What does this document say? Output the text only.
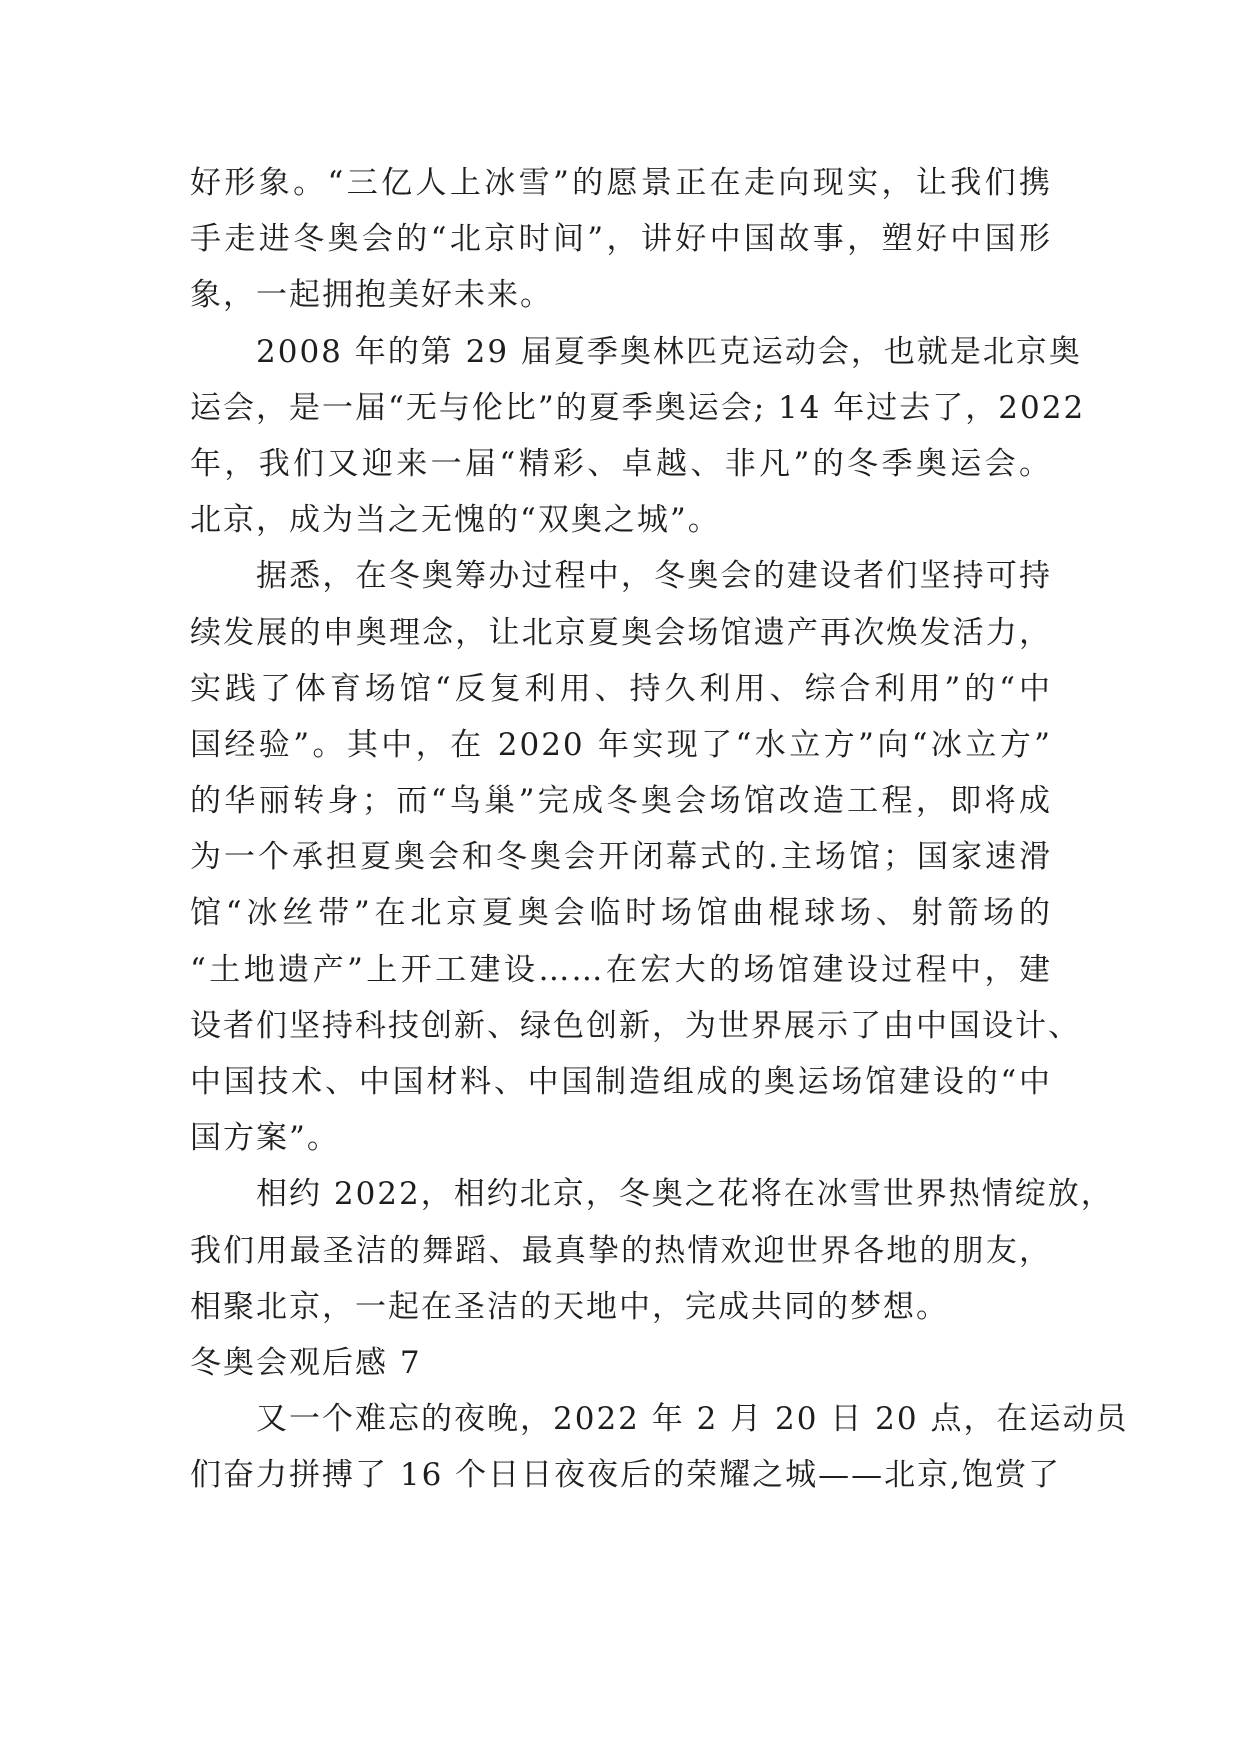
好形象。“三亿人上冰雪”的愿景正在走向现实，让我们携
手走进冬奥会的“北京时间”，讲好中国故事，塑好中国形
象，一起拥抱美好未来。
2008 年的第 29 届夏季奥林匹克运动会，也就是北京奥
运会，是一届“无与伦比”的夏季奥运会; 14 年过去了，2022
年，我们又迎来一届“精彩、卓越、非凡”的冬季奥运会。
北京，成为当之无愧的“双奥之城”。
据悉，在冬奥筹办过程中，冬奥会的建设者们坚持可持
续发展的申奥理念，让北京夏奥会场馆遗产再次焕发活力，
实践了体育场馆“反复利用、持久利用、综合利用”的“中
国经验”。其中，在 2020 年实现了“水立方”向“冰立方”
的华丽转身；而“鸟巢”完成冬奥会场馆改造工程，即将成
为一个承担夏奥会和冬奥会开闭幕式的.主场馆；国家速滑
馆“冰丝带”在北京夏奥会临时场馆曲棍球场、射箭场的
“土地遗产”上开工建设……在宏大的场馆建设过程中，建
设者们坚持科技创新、绿色创新，为世界展示了由中国设计、
中国技术、中国材料、中国制造组成的奥运场馆建设的“中
国方案”。
相约 2022，相约北京，冬奥之花将在冰雪世界热情绽放，
我们用最圣洁的舞蹈、最真挚的热情欢迎世界各地的朋友，
相聚北京，一起在圣洁的天地中，完成共同的梦想。
冬奥会观后感 7
又一个难忘的夜晚，2022 年 2 月 20 日 20 点，在运动员
们奋力拼搏了 16 个日日夜夜后的荣耀之城——北京,饱赏了
